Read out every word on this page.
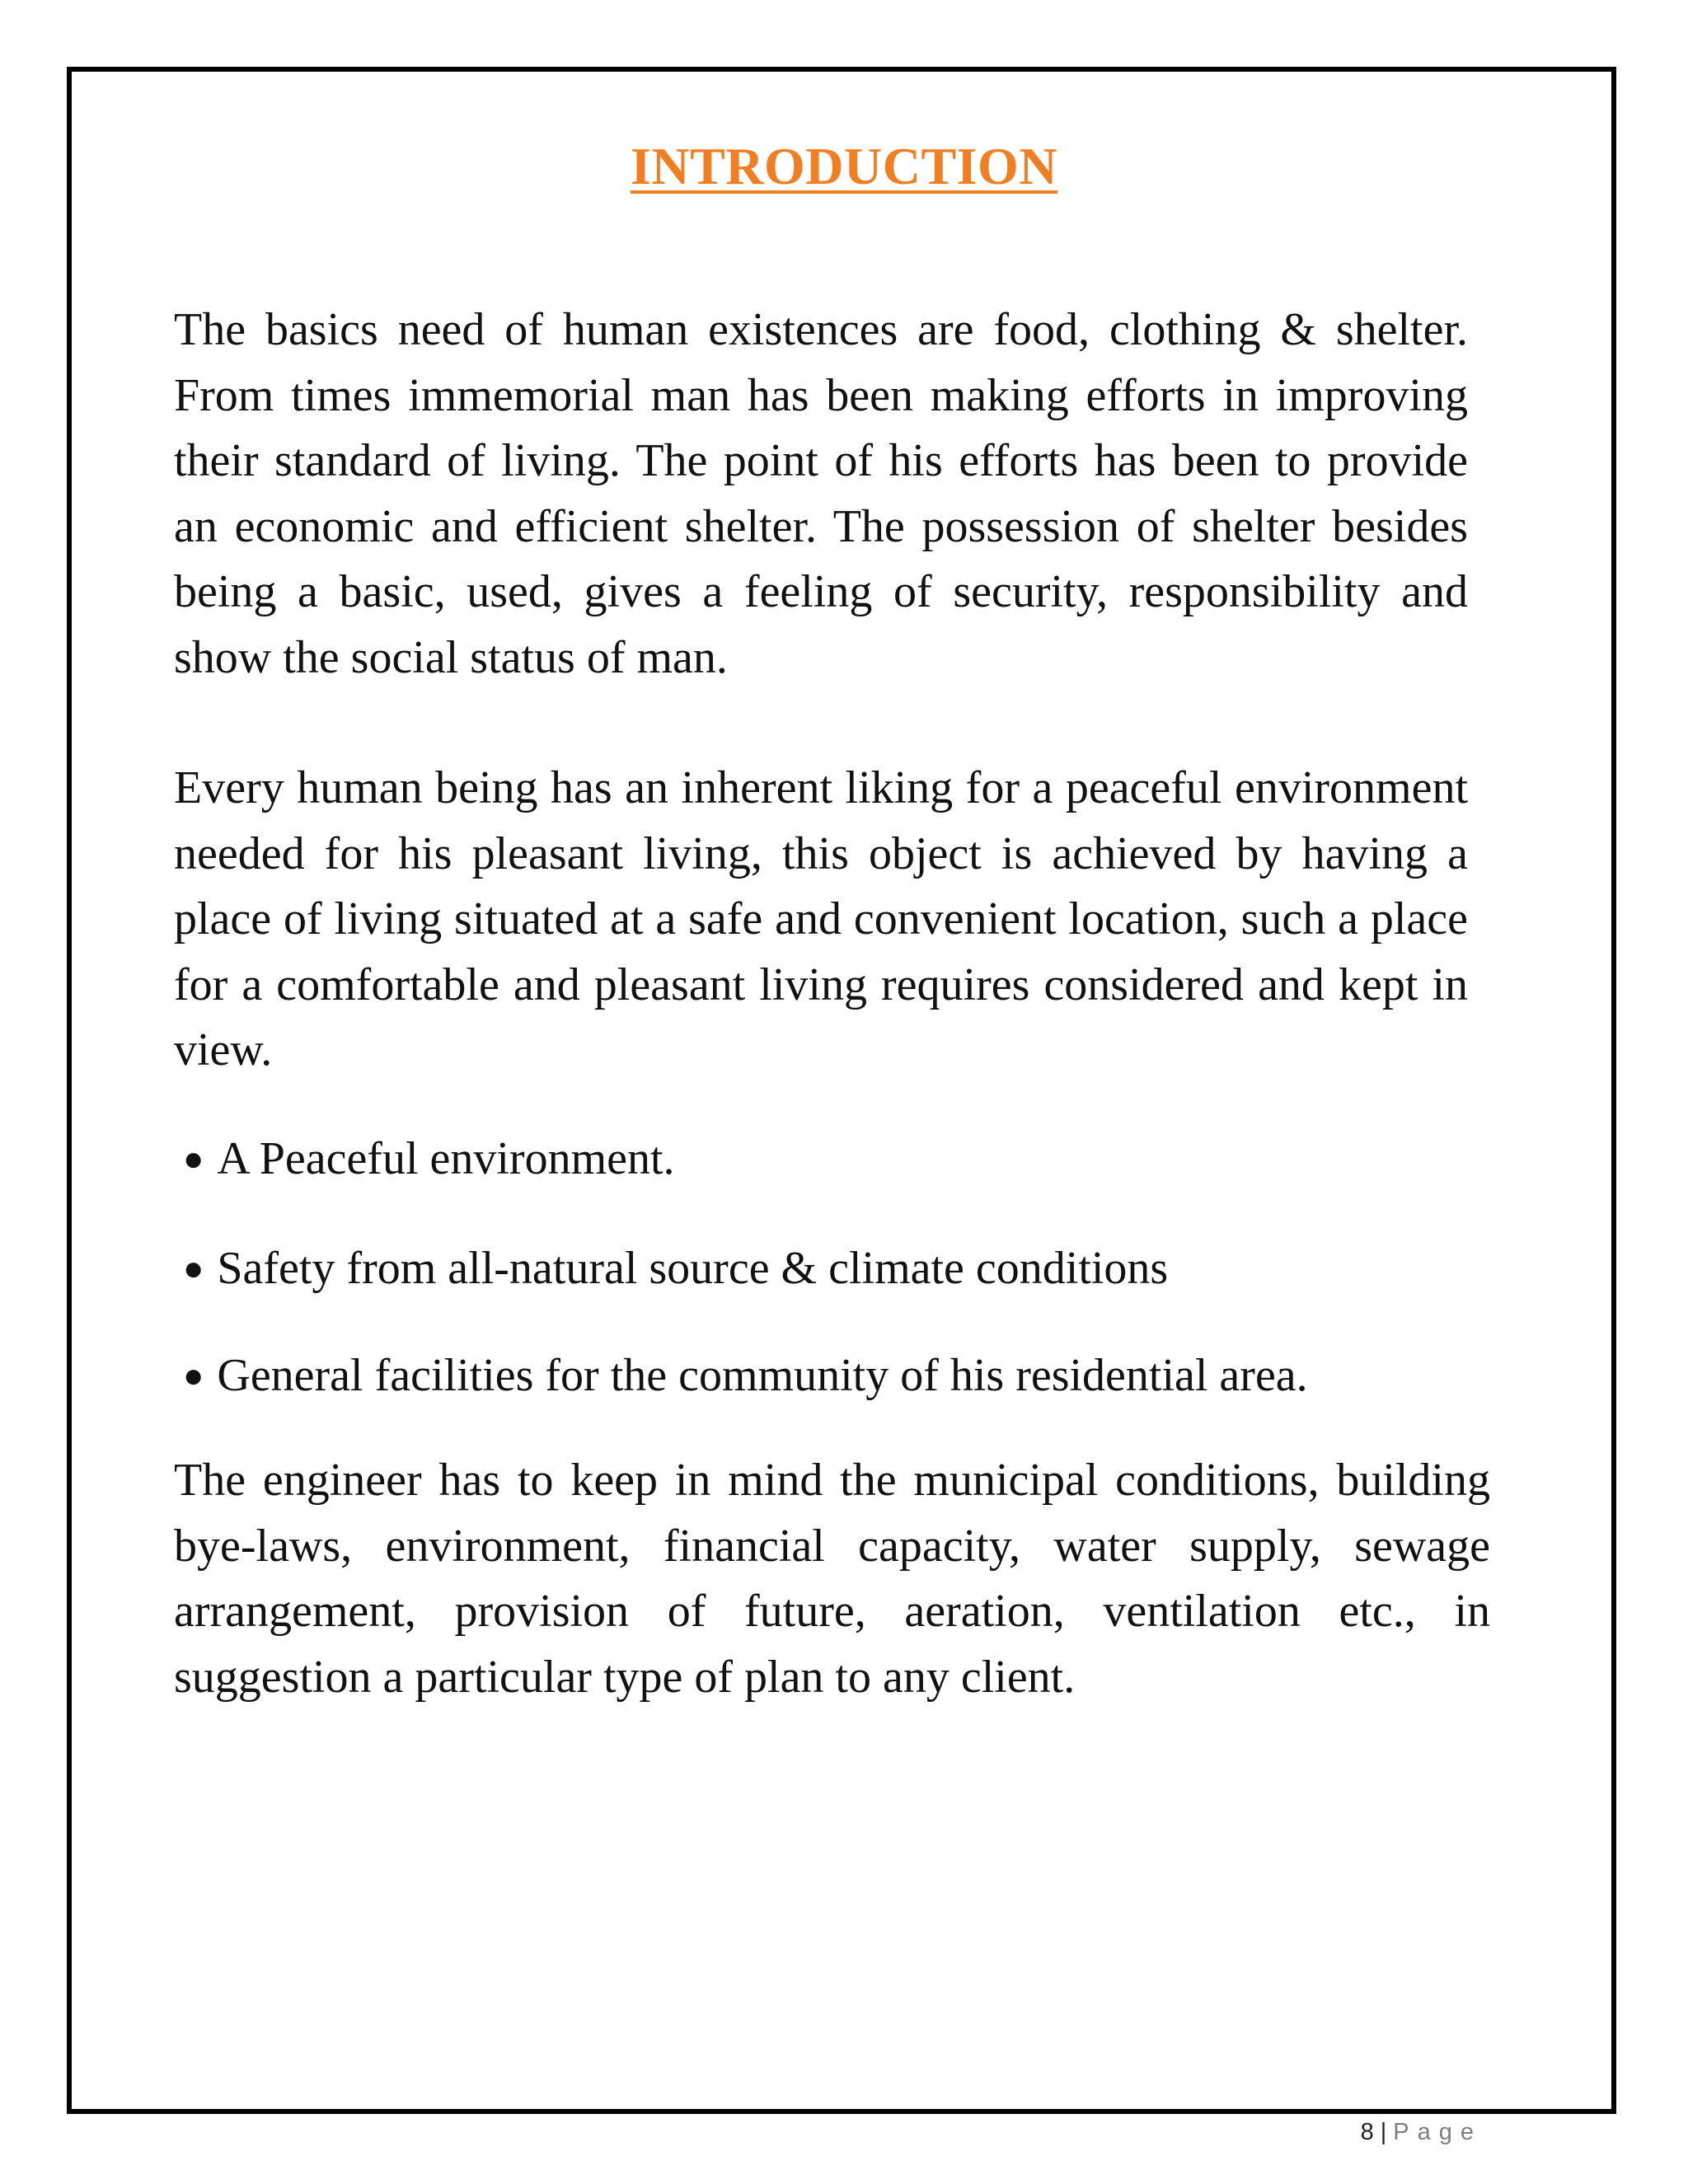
INTRODUCTION

The basics need of human existences are food, clothing & shelter. From times immemorial man has been making efforts in improving their standard of living. The point of his efforts has been to provide an economic and efficient shelter. The possession of shelter besides being a basic, used, gives a feeling of security, responsibility and show the social status of man.

Every human being has an inherent liking for a peaceful environment needed for his pleasant living, this object is achieved by having a place of living situated at a safe and convenient location, such a place for a comfortable and pleasant living requires considered and kept in view.

● A Peaceful environment.
● Safety from all-natural source & climate conditions
● General facilities for the community of his residential area.

The engineer has to keep in mind the municipal conditions, building bye-laws, environment, financial capacity, water supply, sewage arrangement, provision of future, aeration, ventilation etc., in suggestion a particular type of plan to any client.

8 | Page
